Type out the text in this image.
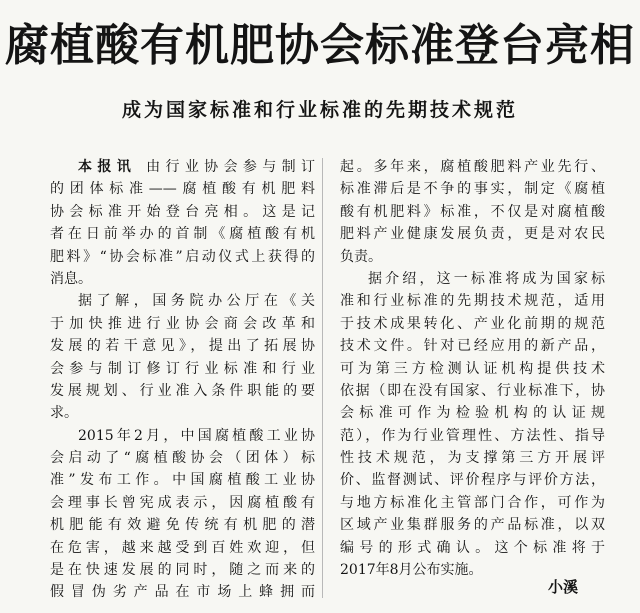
腐植酸有机肥协会标准登台亮相
成为国家标准和行业标准的先期技术规范
本报讯 由行业协会参与制订
的团体标准——腐植酸有机肥料
协会标准开始登台亮相。这是记
者在日前举办的首制《腐植酸有机
肥料》“协会标准”启动仪式上获得的
消息。
据了解，国务院办公厅在《关
于加快推进行业协会商会改革和
发展的若干意见》，提出了拓展协
会参与制订修订行业标准和行业
发展规划、行业准入条件职能的要
求。
2015年2月，中国腐植酸工业协
会启动了“腐植酸协会（团体）标
准”发布工作。中国腐植酸工业协
会理事长曾宪成表示，因腐植酸有
机肥能有效避免传统有机肥的潜
在危害，越来越受到百姓欢迎，但
是在快速发展的同时，随之而来的
假冒伪劣产品在市场上蜂拥而
起。多年来，腐植酸肥料产业先行、
标准滞后是不争的事实，制定《腐植
酸有机肥料》标准，不仅是对腐植酸
肥料产业健康发展负责，更是对农民
负责。
据介绍，这一标准将成为国家标
准和行业标准的先期技术规范，适用
于技术成果转化、产业化前期的规范
技术文件。针对已经应用的新产品，
可为第三方检测认证机构提供技术
依据（即在没有国家、行业标准下，协
会标准可作为检验机构的认证规
范），作为行业管理性、方法性、指导
性技术规范，为支撑第三方开展评
价、监督测试、评价程序与评价方法，
与地方标准化主管部门合作，可作为
区域产业集群服务的产品标准，以双
编号的形式确认。这个标准将于
2017年8月公布实施。
小溪
